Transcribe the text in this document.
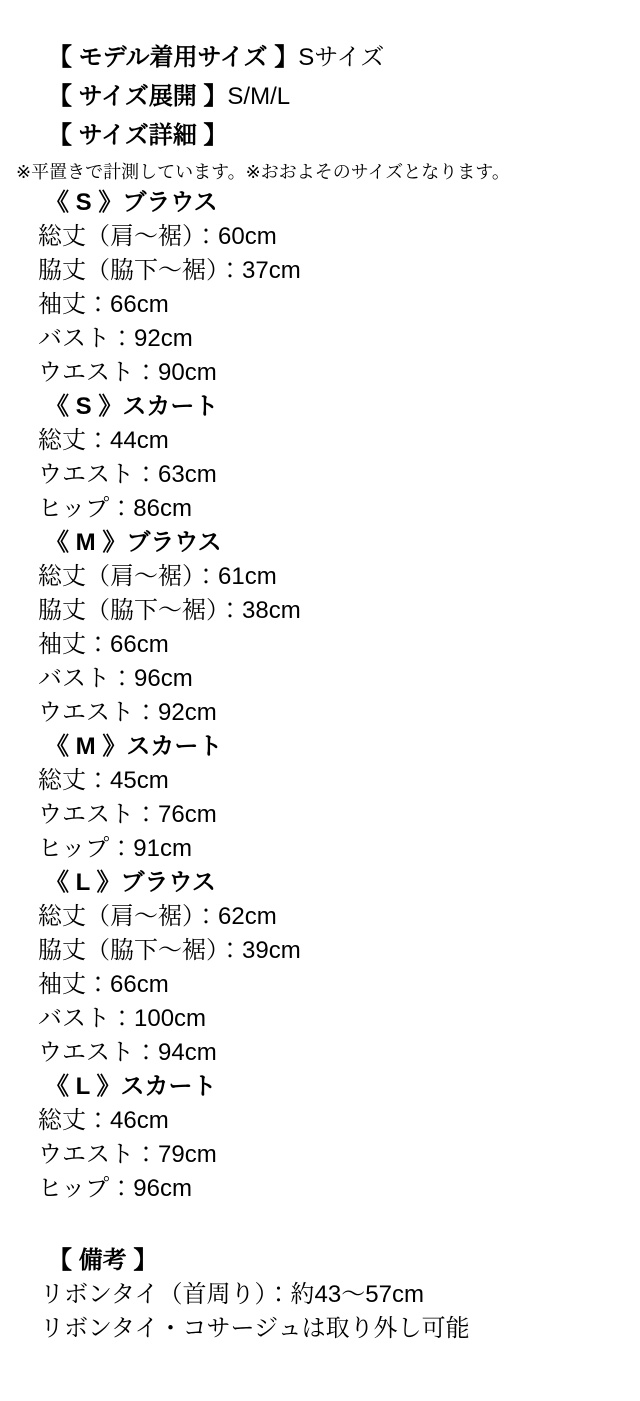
【 モデル着用サイズ 】Sサイズ
【 サイズ展開 】S/M/L
【 サイズ詳細 】
※平置きで計測しています。※おおよそのサイズとなります。
《 S 》ブラウス
総丈（肩〜裾）：60cm
脇丈（脇下〜裾）：37cm
袖丈：66cm
バスト：92cm
ウエスト：90cm
《 S 》スカート
総丈：44cm
ウエスト：63cm
ヒップ：86cm
《 M 》ブラウス
総丈（肩〜裾）：61cm
脇丈（脇下〜裾）：38cm
袖丈：66cm
バスト：96cm
ウエスト：92cm
《 M 》スカート
総丈：45cm
ウエスト：76cm
ヒップ：91cm
《 L 》ブラウス
総丈（肩〜裾）：62cm
脇丈（脇下〜裾）：39cm
袖丈：66cm
バスト：100cm
ウエスト：94cm
《 L 》スカート
総丈：46cm
ウエスト：79cm
ヒップ：96cm
【 備考 】
リボンタイ（首周り）：約43〜57cm
リボンタイ・コサージュは取り外し可能
